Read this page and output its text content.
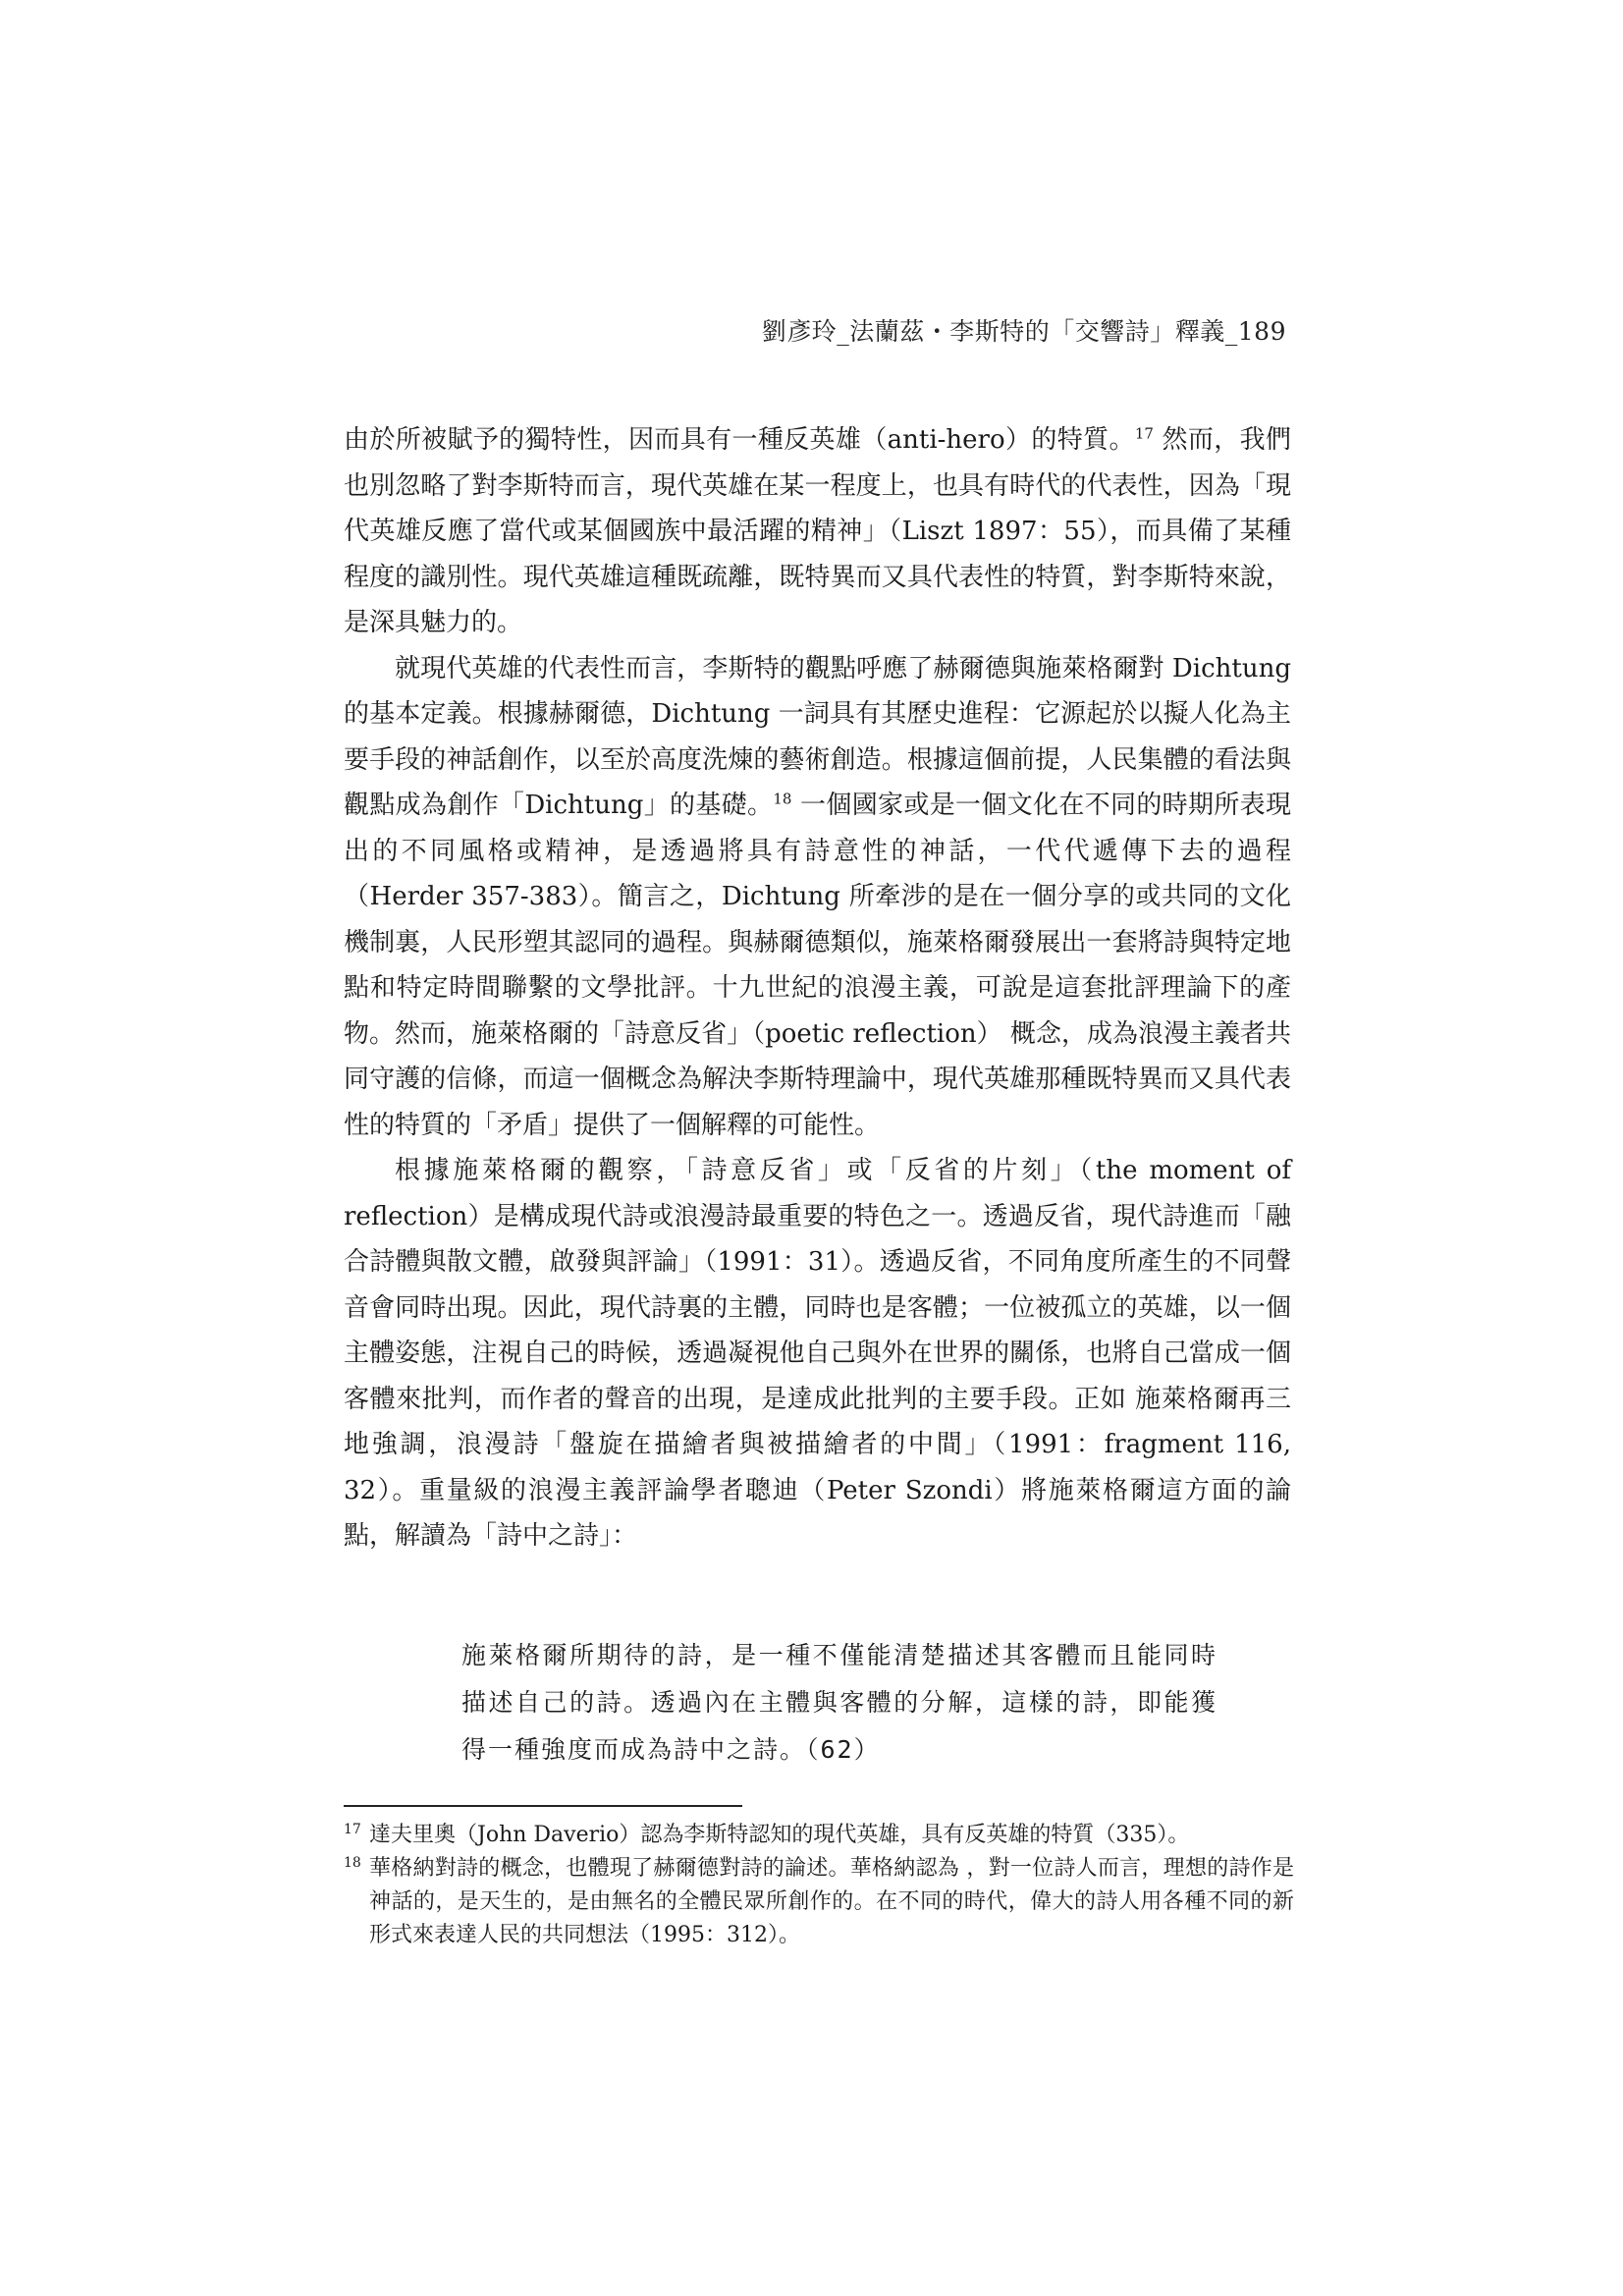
劉彥玲_法蘭茲・李斯特的「交響詩」釋義_189

由於所被賦予的獨特性，因而具有一種反英雄（anti-hero）的特質。$^{17}$ 然而，我們也別忽略了對李斯特而言，現代英雄在某一程度上，也具有時代的代表性，因為「現代英雄反應了當代或某個國族中最活躍的精神」（Liszt 1897：55），而具備了某種程度的識別性。現代英雄這種既疏離，既特異而又具代表性的特質，對李斯特來說，是深具魅力的。

就現代英雄的代表性而言，李斯特的觀點呼應了赫爾德與施萊格爾對 Dichtung 的基本定義。根據赫爾德，Dichtung 一詞具有其歷史進程：它源起於以擬人化為主要手段的神話創作，以至於高度洗煉的藝術創造。根據這個前提，人民集體的看法與觀點成為創作「Dichtung」的基礎。$^{18}$ 一個國家或是一個文化在不同的時期所表現出的不同風格或精神，是透過將具有詩意性的神話，一代代遞傳下去的過程（Herder 357-383）。簡言之，Dichtung 所牽涉的是在一個分享的或共同的文化機制裏，人民形塑其認同的過程。與赫爾德類似，施萊格爾發展出一套將詩與特定地點和特定時間聯繫的文學批評。十九世紀的浪漫主義，可說是這套批評理論下的產物。然而，施萊格爾的「詩意反省」（poetic reflection） 概念，成為浪漫主義者共同守護的信條，而這一個概念為解決李斯特理論中，現代英雄那種既特異而又具代表性的特質的「矛盾」提供了一個解釋的可能性。

根據施萊格爾的觀察，「詩意反省」或「反省的片刻」（the moment of reflection）是構成現代詩或浪漫詩最重要的特色之一。透過反省，現代詩進而「融合詩體與散文體，啟發與評論」（1991：31）。透過反省，不同角度所產生的不同聲音會同時出現。因此，現代詩裏的主體，同時也是客體；一位被孤立的英雄，以一個主體姿態，注視自己的時候，透過凝視他自己與外在世界的關係，也將自己當成一個客體來批判，而作者的聲音的出現，是達成此批判的主要手段。正如 施萊格爾再三地強調，浪漫詩「盤旋在描繪者與被描繪者的中間」（1991：fragment 116, 32）。重量級的浪漫主義評論學者聰迪（Peter Szondi）將施萊格爾這方面的論點，解讀為「詩中之詩」：

施萊格爾所期待的詩，是一種不僅能清楚描述其客體而且能同時描述自己的詩。透過內在主體與客體的分解，這樣的詩，即能獲得一種強度而成為詩中之詩。（62）

17 達夫里奧（John Daverio）認為李斯特認知的現代英雄，具有反英雄的特質（335）。

18 華格納對詩的概念，也體現了赫爾德對詩的論述。華格納認為 ，對一位詩人而言，理想的詩作是神話的，是天生的，是由無名的全體民眾所創作的。在不同的時代，偉大的詩人用各種不同的新形式來表達人民的共同想法（1995：312）。
